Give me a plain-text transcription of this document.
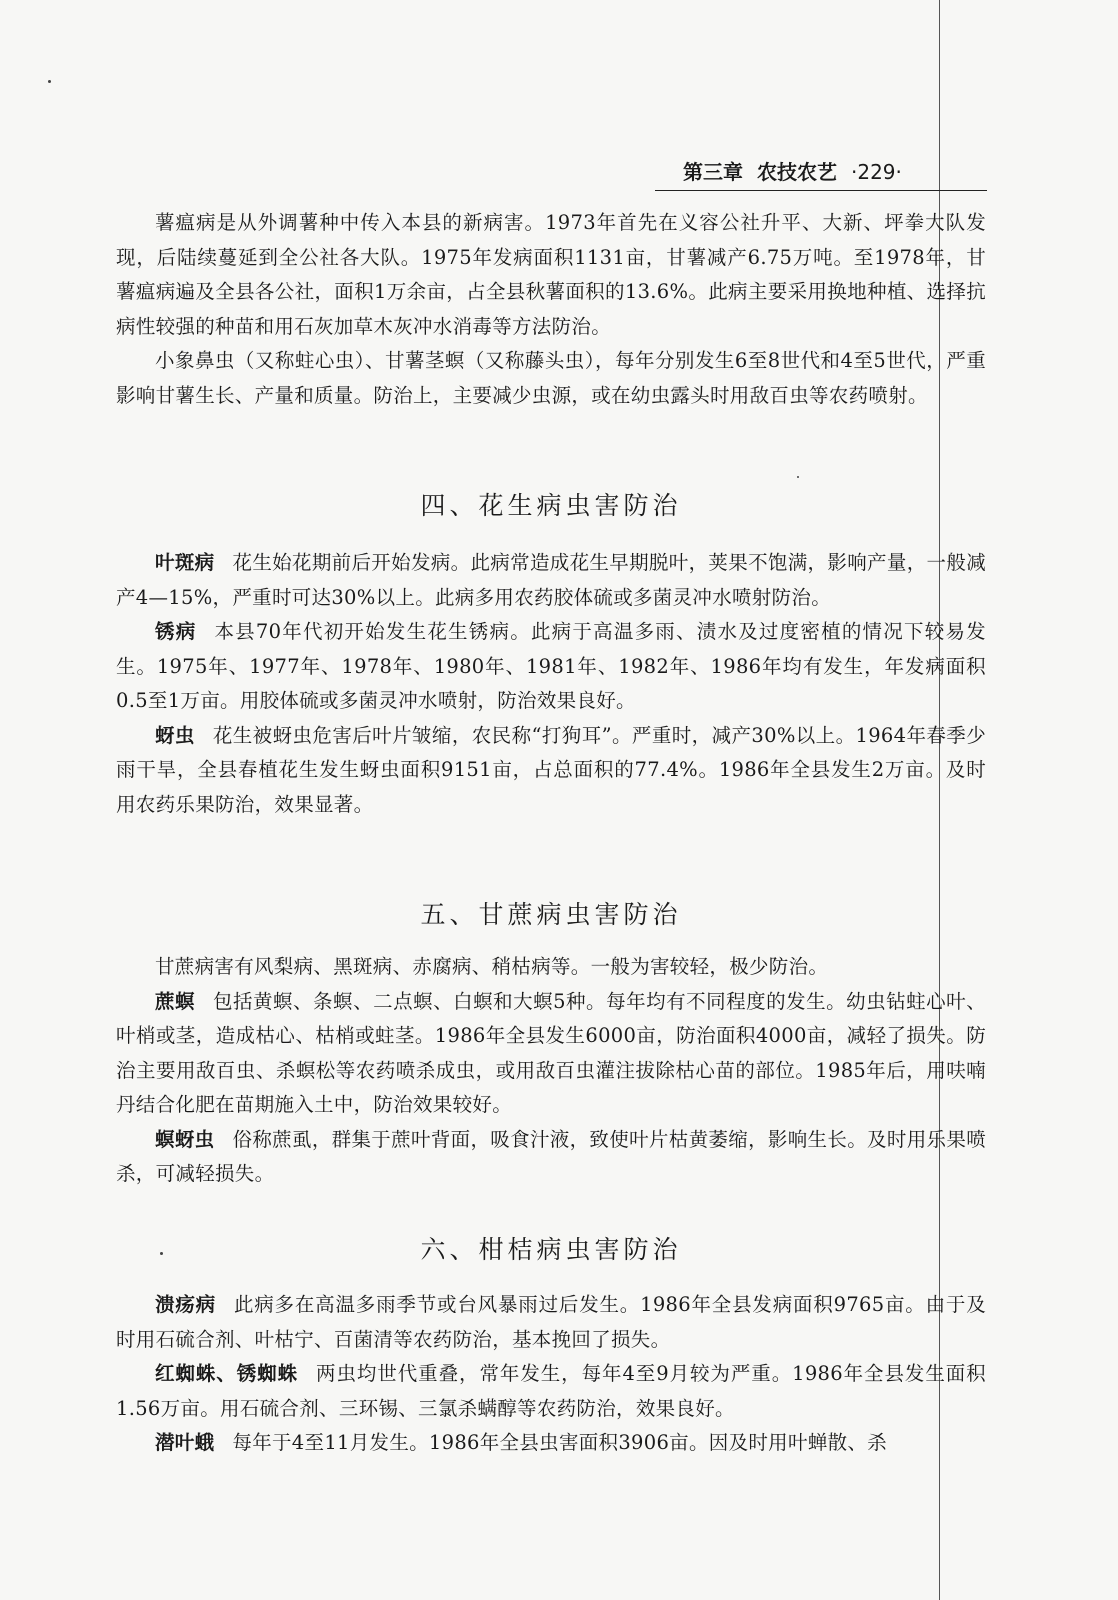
第三章 农技农艺 ·229·

薯瘟病是从外调薯种中传入本县的新病害。1973年首先在义容公社升平、大新、坪拳大队发现，后陆续蔓延到全公社各大队。1975年发病面积1131亩，甘薯减产6.75万吨。至1978年，甘薯瘟病遍及全县各公社，面积1万余亩，占全县秋薯面积的13.6%。此病主要采用换地种植、选择抗病性较强的种苗和用石灰加草木灰冲水消毒等方法防治。

小象鼻虫（又称蛀心虫）、甘薯茎螟（又称藤头虫），每年分别发生6至8世代和4至5世代，严重影响甘薯生长、产量和质量。防治上，主要减少虫源，或在幼虫露头时用敌百虫等农药喷射。

四、花生病虫害防治

叶斑病 花生始花期前后开始发病。此病常造成花生早期脱叶，荚果不饱满，影响产量，一般减产4—15%，严重时可达30%以上。此病多用农药胶体硫或多菌灵冲水喷射防治。

锈病 本县70年代初开始发生花生锈病。此病于高温多雨、渍水及过度密植的情况下较易发生。1975年、1977年、1978年、1980年、1981年、1982年、1986年均有发生，年发病面积0.5至1万亩。用胶体硫或多菌灵冲水喷射，防治效果良好。

蚜虫 花生被蚜虫危害后叶片皱缩，农民称“打狗耳”。严重时，减产30%以上。1964年春季少雨干旱，全县春植花生发生蚜虫面积9151亩，占总面积的77.4%。1986年全县发生2万亩。及时用农药乐果防治，效果显著。

五、甘蔗病虫害防治

甘蔗病害有风梨病、黑斑病、赤腐病、稍枯病等。一般为害较轻，极少防治。

蔗螟 包括黄螟、条螟、二点螟、白螟和大螟5种。每年均有不同程度的发生。幼虫钻蛀心叶、叶梢或茎，造成枯心、枯梢或蛀茎。1986年全县发生6000亩，防治面积4000亩，减轻了损失。防治主要用敌百虫、杀螟松等农药喷杀成虫，或用敌百虫灌注拔除枯心苗的部位。1985年后，用呋喃丹结合化肥在苗期施入土中，防治效果较好。

螟蚜虫 俗称蔗虱，群集于蔗叶背面，吸食汁液，致使叶片枯黄萎缩，影响生长。及时用乐果喷杀，可减轻损失。

六、柑桔病虫害防治

溃疡病 此病多在高温多雨季节或台风暴雨过后发生。1986年全县发病面积9765亩。由于及时用石硫合剂、叶枯宁、百菌清等农药防治，基本挽回了损失。

红蜘蛛、锈蜘蛛 两虫均世代重叠，常年发生，每年4至9月较为严重。1986年全县发生面积1.56万亩。用石硫合剂、三环锡、三氯杀螨醇等农药防治，效果良好。

潜叶蛾 每年于4至11月发生。1986年全县虫害面积3906亩。因及时用叶蝉散、杀
